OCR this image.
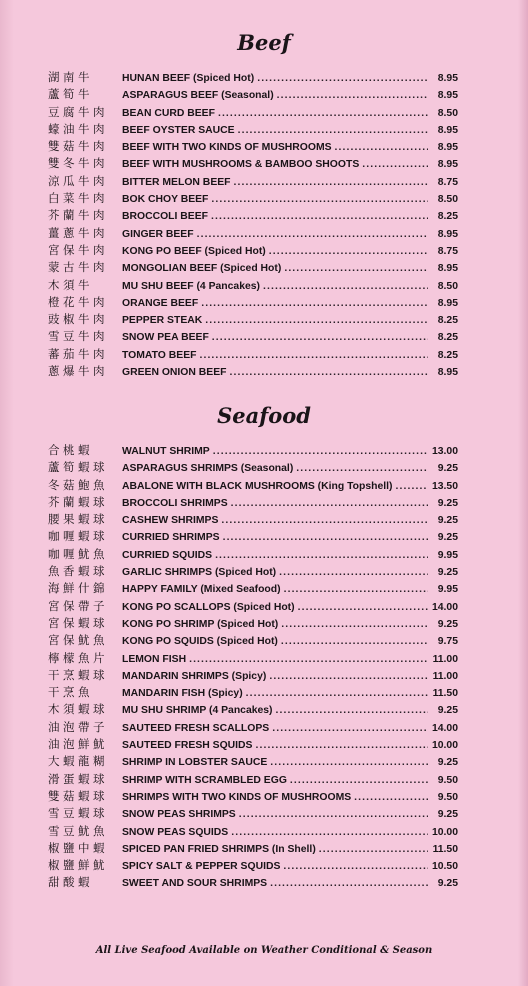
Beef
湖南牛	HUNAN BEEF (Spiced Hot) .....	8.95
蘆筍牛	ASPARAGUS BEEF (Seasonal) .....	8.95
豆腐牛肉	BEAN CURD BEEF .....	8.50
蠔油牛肉	BEEF OYSTER SAUCE .....	8.95
雙菇牛肉	BEEF WITH TWO KINDS OF MUSHROOMS .....	8.95
雙冬牛肉	BEEF WITH MUSHROOMS & BAMBOO SHOOTS .....	8.95
涼瓜牛肉	BITTER MELON BEEF .....	8.75
白菜牛肉	BOK CHOY BEEF .....	8.50
芥蘭牛肉	BROCCOLI BEEF .....	8.25
薑蔥牛肉	GINGER BEEF .....	8.95
宮保牛肉	KONG PO BEEF (Spiced Hot) .....	8.75
蒙古牛肉	MONGOLIAN BEEF (Spiced Hot) .....	8.95
木須牛	MU SHU BEEF (4 Pancakes) .....	8.50
橙花牛肉	ORANGE BEEF .....	8.95
豉椒牛肉	PEPPER STEAK .....	8.25
雪豆牛肉	SNOW PEA BEEF .....	8.25
蕃茄牛肉	TOMATO BEEF .....	8.25
蔥爆牛肉	GREEN ONION BEEF .....	8.95
Seafood
合桃蝦	WALNUT SHRIMP .....	13.00
蘆筍蝦球	ASPARAGUS SHRIMPS (Seasonal) .....	9.25
冬菇鮑魚	ABALONE WITH BLACK MUSHROOMS (King Topshell) .....	13.50
芥蘭蝦球	BROCCOLI SHRIMPS .....	9.25
腰果蝦球	CASHEW SHRIMPS .....	9.25
咖喱蝦球	CURRIED SHRIMPS .....	9.25
咖喱魷魚	CURRIED SQUIDS .....	9.95
魚香蝦球	GARLIC SHRIMPS (Spiced Hot) .....	9.25
海鮮什錦	HAPPY FAMILY (Mixed Seafood) .....	9.95
宮保帶子	KONG PO SCALLOPS (Spiced Hot) .....	14.00
宮保蝦球	KONG PO SHRIMP (Spiced Hot) .....	9.25
宮保魷魚	KONG PO SQUIDS (Spiced Hot) .....	9.75
檸檬魚片	LEMON FISH .....	11.00
干烹蝦球	MANDARIN SHRIMPS (Spicy) .....	11.00
干烹魚	MANDARIN FISH (Spicy) .....	11.50
木須蝦球	MU SHU SHRIMP (4 Pancakes) .....	9.25
油泡帶子	SAUTEED FRESH SCALLOPS .....	14.00
油泡鮮魷	SAUTEED FRESH SQUIDS .....	10.00
大蝦龍糊	SHRIMP IN LOBSTER SAUCE .....	9.25
滑蛋蝦球	SHRIMP WITH SCRAMBLED EGG .....	9.50
雙菇蝦球	SHRIMPS WITH TWO KINDS OF MUSHROOMS .....	9.50
雪豆蝦球	SNOW PEAS SHRIMPS .....	9.25
雪豆魷魚	SNOW PEAS SQUIDS .....	10.00
椒鹽中蝦	SPICED PAN FRIED SHRIMPS (In Shell) .....	11.50
椒鹽鮮魷	SPICY SALT & PEPPER SQUIDS .....	10.50
甜酸蝦	SWEET AND SOUR SHRIMPS .....	9.25
All Live Seafood Available on Weather Conditional & Season
